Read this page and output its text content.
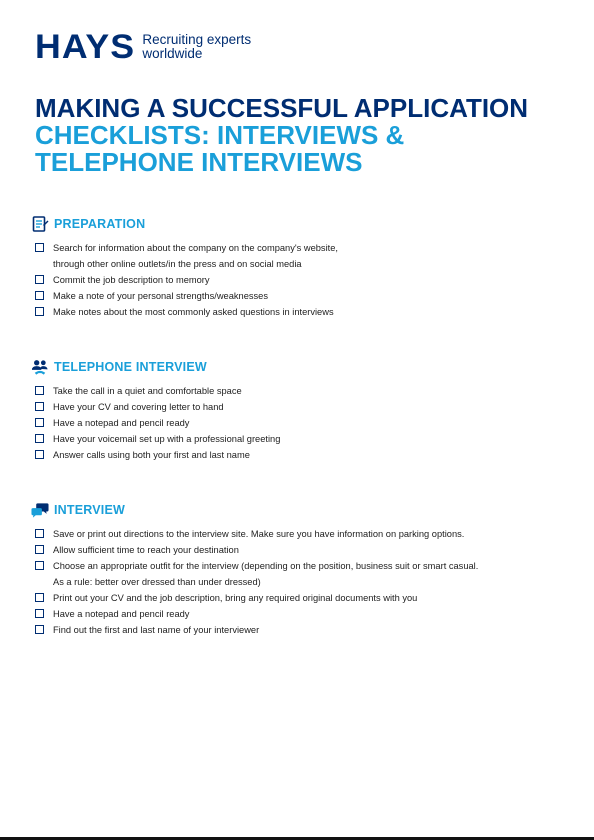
HAYS Recruiting experts
worldwide
MAKING A SUCCESSFUL APPLICATION
CHECKLISTS: INTERVIEWS &
TELEPHONE INTERVIEWS
PREPARATION
Search for information about the company on the company's website,
through other online outlets/in the press and on social media
Commit the job description to memory
Make a note of your personal strengths/weaknesses
Make notes about the most commonly asked questions in interviews
TELEPHONE INTERVIEW
Take the call in a quiet and comfortable space
Have your CV and covering letter to hand
Have a notepad and pencil ready
Have your voicemail set up with a professional greeting
Answer calls using both your first and last name
INTERVIEW
Save or print out directions to the interview site. Make sure you have information on parking options.
Allow sufficient time to reach your destination
Choose an appropriate outfit for the interview (depending on the position, business suit or smart casual.
As a rule: better over dressed than under dressed)
Print out your CV and the job description, bring any required original documents with you
Have a notepad and pencil ready
Find out the first and last name of your interviewer
